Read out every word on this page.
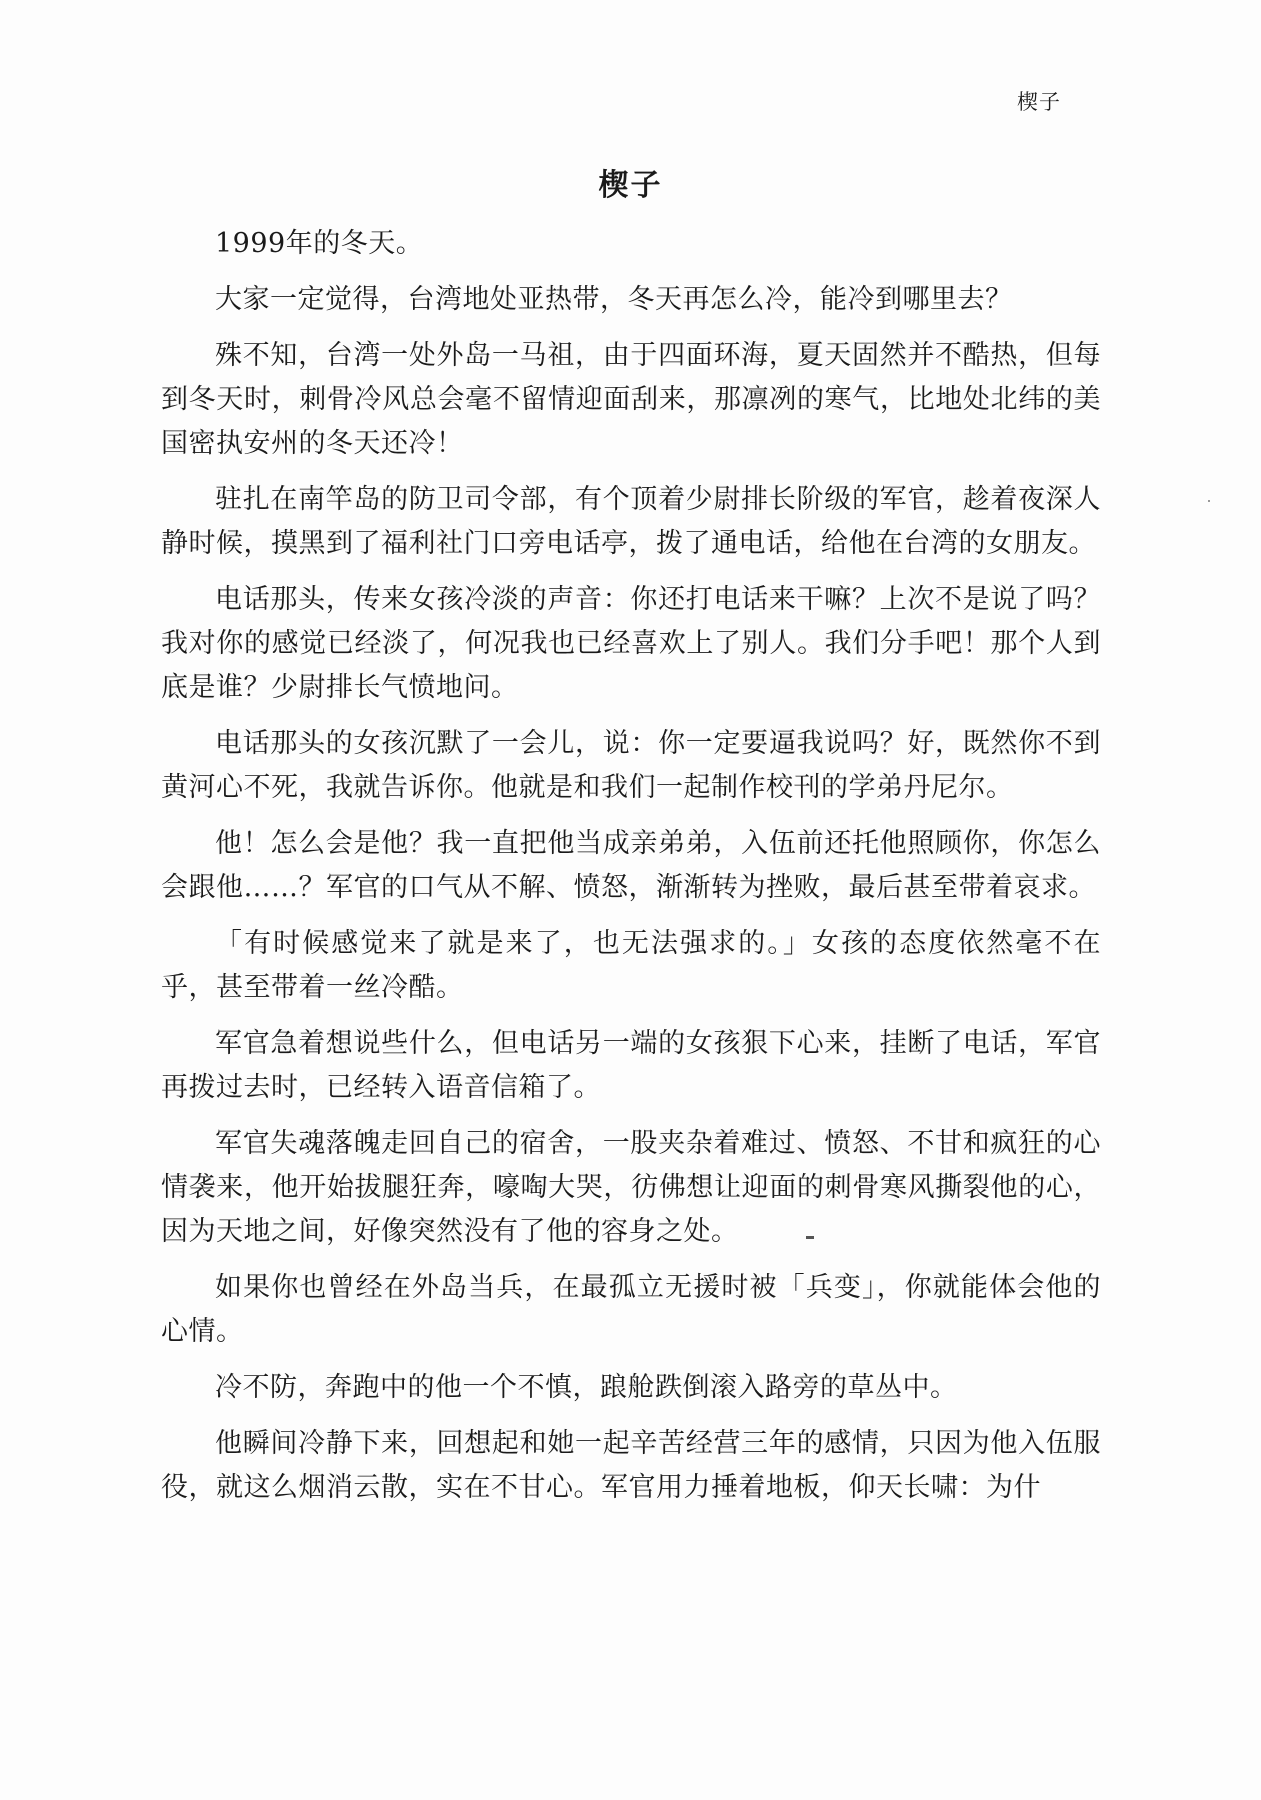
楔子
楔子

1999年的冬天。

大家一定觉得，台湾地处亚热带，冬天再怎么冷，能冷到哪里去？

殊不知，台湾一处外岛一马祖，由于四面环海，夏天固然并不酷热，但每到冬天时，刺骨冷风总会毫不留情迎面刮来，那凛冽的寒气，比地处北纬的美国密执安州的冬天还冷！

驻扎在南竿岛的防卫司令部，有个顶着少尉排长阶级的军官，趁着夜深人静时候，摸黑到了福利社门口旁电话亭，拨了通电话，给他在台湾的女朋友。

电话那头，传来女孩冷淡的声音：你还打电话来干嘛？上次不是说了吗？我对你的感觉已经淡了，何况我也已经喜欢上了别人。我们分手吧！那个人到底是谁？少尉排长气愤地问。

电话那头的女孩沉默了一会儿，说：你一定要逼我说吗？好，既然你不到黄河心不死，我就告诉你。他就是和我们一起制作校刊的学弟丹尼尔。

他！怎么会是他？我一直把他当成亲弟弟，入伍前还托他照顾你，你怎么会跟他……？军官的口气从不解、愤怒，渐渐转为挫败，最后甚至带着哀求。

「有时候感觉来了就是来了，也无法强求的。」女孩的态度依然毫不在乎，甚至带着一丝冷酷。

军官急着想说些什么，但电话另一端的女孩狠下心来，挂断了电话，军官再拨过去时，已经转入语音信箱了。

军官失魂落魄走回自己的宿舍，一股夹杂着难过、愤怒、不甘和疯狂的心情袭来，他开始拔腿狂奔，嚎啕大哭，彷佛想让迎面的刺骨寒风撕裂他的心，因为天地之间，好像突然没有了他的容身之处。

如果你也曾经在外岛当兵，在最孤立无援时被「兵变」，你就能体会他的心情。

冷不防，奔跑中的他一个不慎，踉舱跌倒滚入路旁的草丛中。

他瞬间冷静下来，回想起和她一起辛苦经营三年的感情，只因为他入伍服役，就这么烟消云散，实在不甘心。军官用力捶着地板，仰天长啸：为什
